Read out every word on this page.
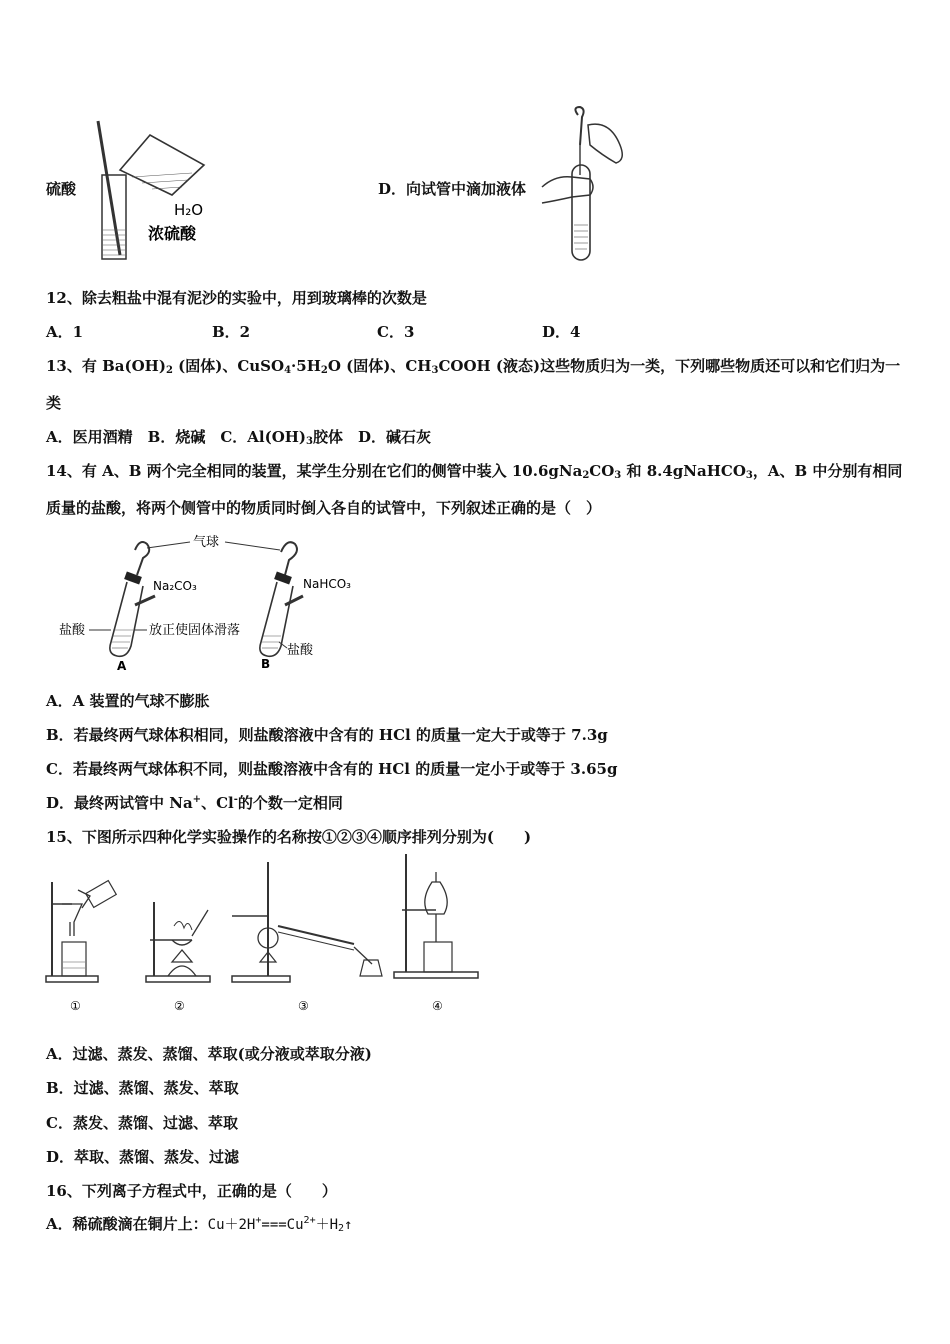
硫酸
H₂O
浓硫酸
D．向试管中滴加液体
12、除去粗盐中混有泥沙的实验中，用到玻璃棒的次数是
A．1	B．2	C．3	D．4
13、有 $Ba(OH)_2$ (固体)、$CuSO_4\cdot 5H_2O$ (固体)、$CH_3COOH$ (液态)这些物质归为一类，下列哪些物质还可以和它们归为一
类
A．医用酒精　B．烧碱　C．$Al(OH)_3$胶体　D．碱石灰
14、有 A、B 两个完全相同的装置，某学生分别在它们的侧管中装入 $10.6gNa_2CO_3$ 和 8.4gNaHCO$_3$，A、B 中分别有相同
质量的盐酸，将两个侧管中的物质同时倒入各自的试管中，下列叙述正确的是（　）
气球
Na₂CO₃
盐酸	放正使固体滑落
A
NaHCO₃
盐酸
B
A．A 装置的气球不膨胀
B．若最终两气球体积相同，则盐酸溶液中含有的 HCl 的质量一定大于或等于 7.3g
C．若最终两气球体积不同，则盐酸溶液中含有的 HCl 的质量一定小于或等于 3.65g
D．最终两试管中 Na+、Cl-的个数一定相同
15、下图所示四种化学实验操作的名称按①②③④顺序排列分别为(　　)
①	②	③	④
A．过滤、蒸发、蒸馏、萃取(或分液或萃取分液)
B．过滤、蒸馏、蒸发、萃取
C．蒸发、蒸馏、过滤、萃取
D．萃取、蒸馏、蒸发、过滤
16、下列离子方程式中，正确的是（　　）
A．稀硫酸滴在铜片上：$Cu+2H^+===Cu^{2+}+H_2↑$
